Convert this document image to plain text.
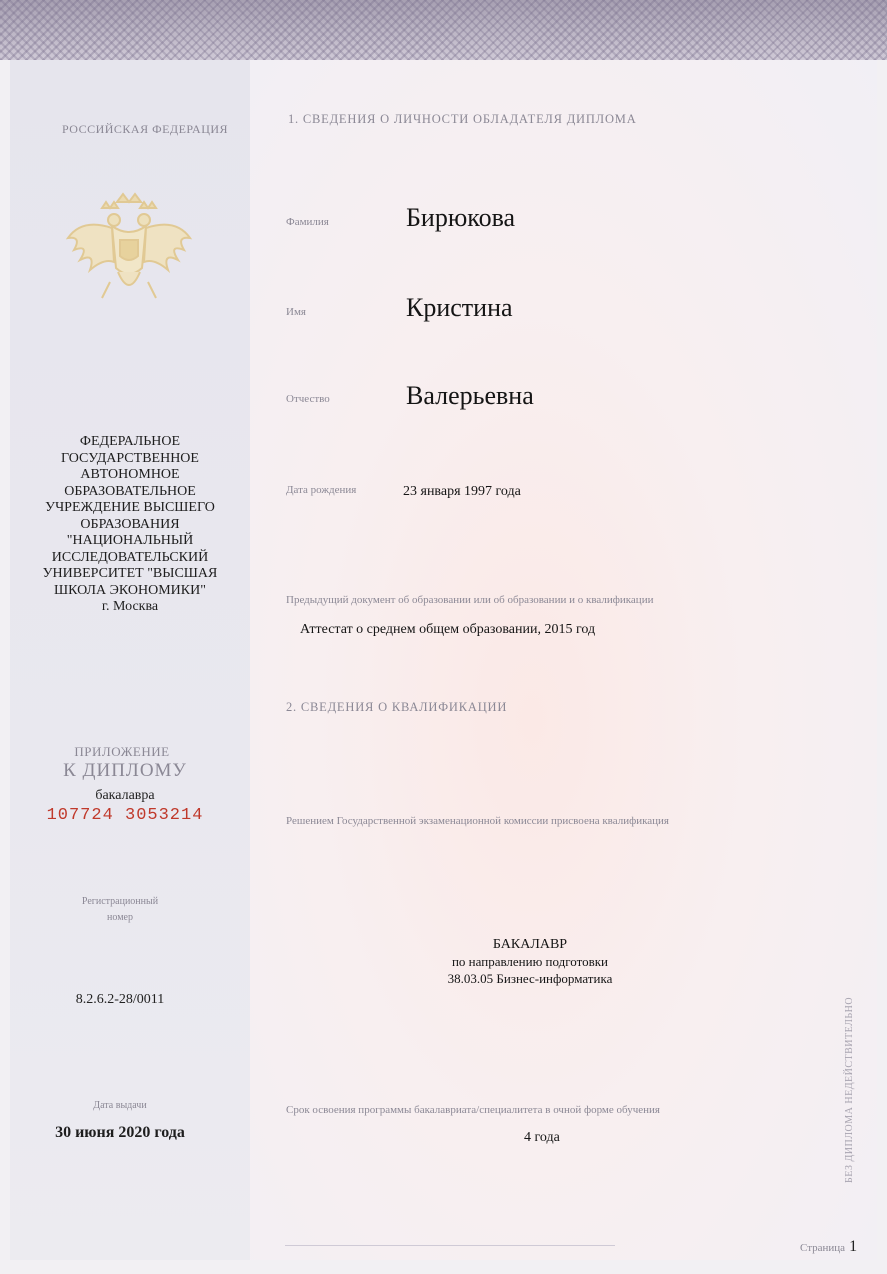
РОССИЙСКАЯ ФЕДЕРАЦИЯ
ФЕДЕРАЛЬНОЕ
ГОСУДАРСТВЕННОЕ
АВТОНОМНОЕ
ОБРАЗОВАТЕЛЬНОЕ
УЧРЕЖДЕНИЕ ВЫСШЕГО
ОБРАЗОВАНИЯ
"НАЦИОНАЛЬНЫЙ
ИССЛЕДОВАТЕЛЬСКИЙ
УНИВЕРСИТЕТ "ВЫСШАЯ
ШКОЛА ЭКОНОМИКИ"
г. Москва
ПРИЛОЖЕНИЕ
К ДИПЛОМУ
бакалавра
107724 3053214
Регистрационный
номер
8.2.6.2-28/0011
Дата выдачи
30 июня 2020 года
1. СВЕДЕНИЯ О ЛИЧНОСТИ ОБЛАДАТЕЛЯ ДИПЛОМА
Фамилия	Бирюкова
Имя	Кристина
Отчество	Валерьевна
Дата рождения	23 января 1997 года
Предыдущий документ об образовании или об образовании и о квалификации
Аттестат о среднем общем образовании, 2015 год
2. СВЕДЕНИЯ О КВАЛИФИКАЦИИ
Решением Государственной экзаменационной комиссии присвоена квалификация
БАКАЛАВР
по направлению подготовки
38.03.05 Бизнес-информатика
Срок освоения программы бакалавриата/специалитета в очной форме обучения
4 года	БЕЗ ДИПЛОМА НЕДЕЙСТВИТЕЛЬНО
Страница 1
